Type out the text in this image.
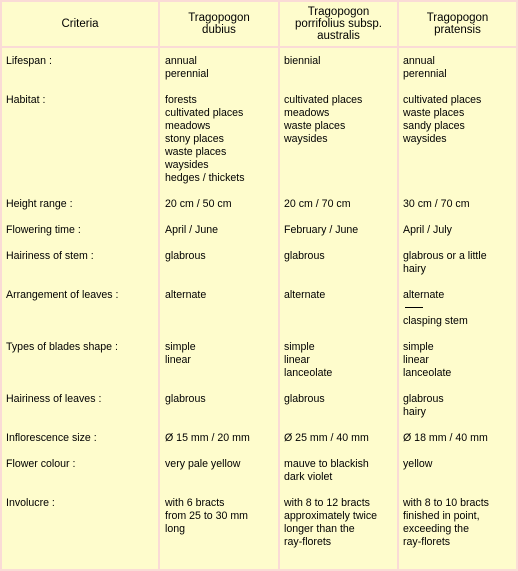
Criteria	Tragopogon
dubius
Tragopogon
porrifolius subsp.
australis
Tragopogon
pratensis
Lifespan :
Habitat :
Height range :
Flowering time :
Hairiness of stem :
Arrangement of leaves :
Types of blades shape :
Hairiness of leaves :
Inflorescence size :
Flower colour :
Involucre :
annual
perennial
forests
cultivated places
meadows
stony places
waste places
waysides
hedges / thickets
20 cm / 50 cm
April / June
glabrous
alternate
simple
linear
glabrous
Ø 15 mm / 20 mm
very pale yellow
with 6 bracts
from 25 to 30 mm
long
biennial
cultivated places
meadows
waste places
waysides
20 cm / 70 cm
February / June
glabrous
alternate
simple
linear
lanceolate
glabrous
Ø 25 mm / 40 mm
mauve to blackish
dark violet
with 8 to 12 bracts
approximately twice
longer than the
ray-florets
annual
perennial
cultivated places
waste places
sandy places
waysides
30 cm / 70 cm
April / July
glabrous or a little
hairy
alternate
clasping stem
simple
linear
lanceolate
glabrous
hairy
Ø 18 mm / 40 mm
yellow
with 8 to 10 bracts
finished in point,
exceeding the
ray-florets
